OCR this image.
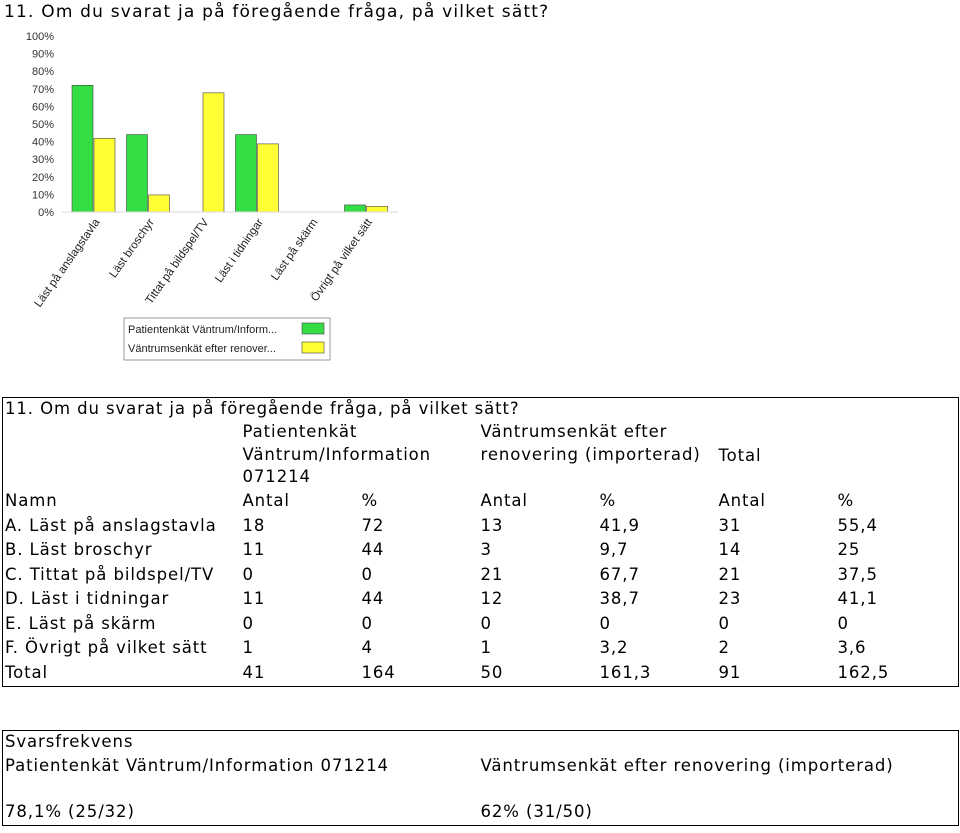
11. Om du svarat ja på föregående fråga, på vilket sätt?
0%
10%
20%
30%
40%
50%
60%
70%
80%
90%
100%
Läst på anslagstavla Läst broschyr
Tittat på bildspel/TV Läst i tidningar Läst på skärm
Övrigt på vilket sätt
Patientenkät Väntrum/Inform...
Väntrumsenkät efter renover...
11. Om du svarat ja på föregående fråga, på vilket sätt?						
	Patientenkät Väntrum/Information 071214		Väntrumsenkät efter renovering (importerad)		Total	
Namn	Antal	%	Antal	%	Antal	%
A. Läst på anslagstavla	18	72	13	41,9	31	55,4
B. Läst broschyr	11	44	3	9,7	14	25
C. Tittat på bildspel/TV	0	0	21	67,7	21	37,5
D. Läst i tidningar	11	44	12	38,7	23	41,1
E. Läst på skärm	0	0	0	0	0	0
F. Övrigt på vilket sätt	1	4	1	3,2	2	3,6
Total	41	164	50	161,3	91	162,5
Svarsfrekvens	
Patientenkät Väntrum/Information 071214	Väntrumsenkät efter renovering (importerad)
78,1% (25/32)	62% (31/50)
